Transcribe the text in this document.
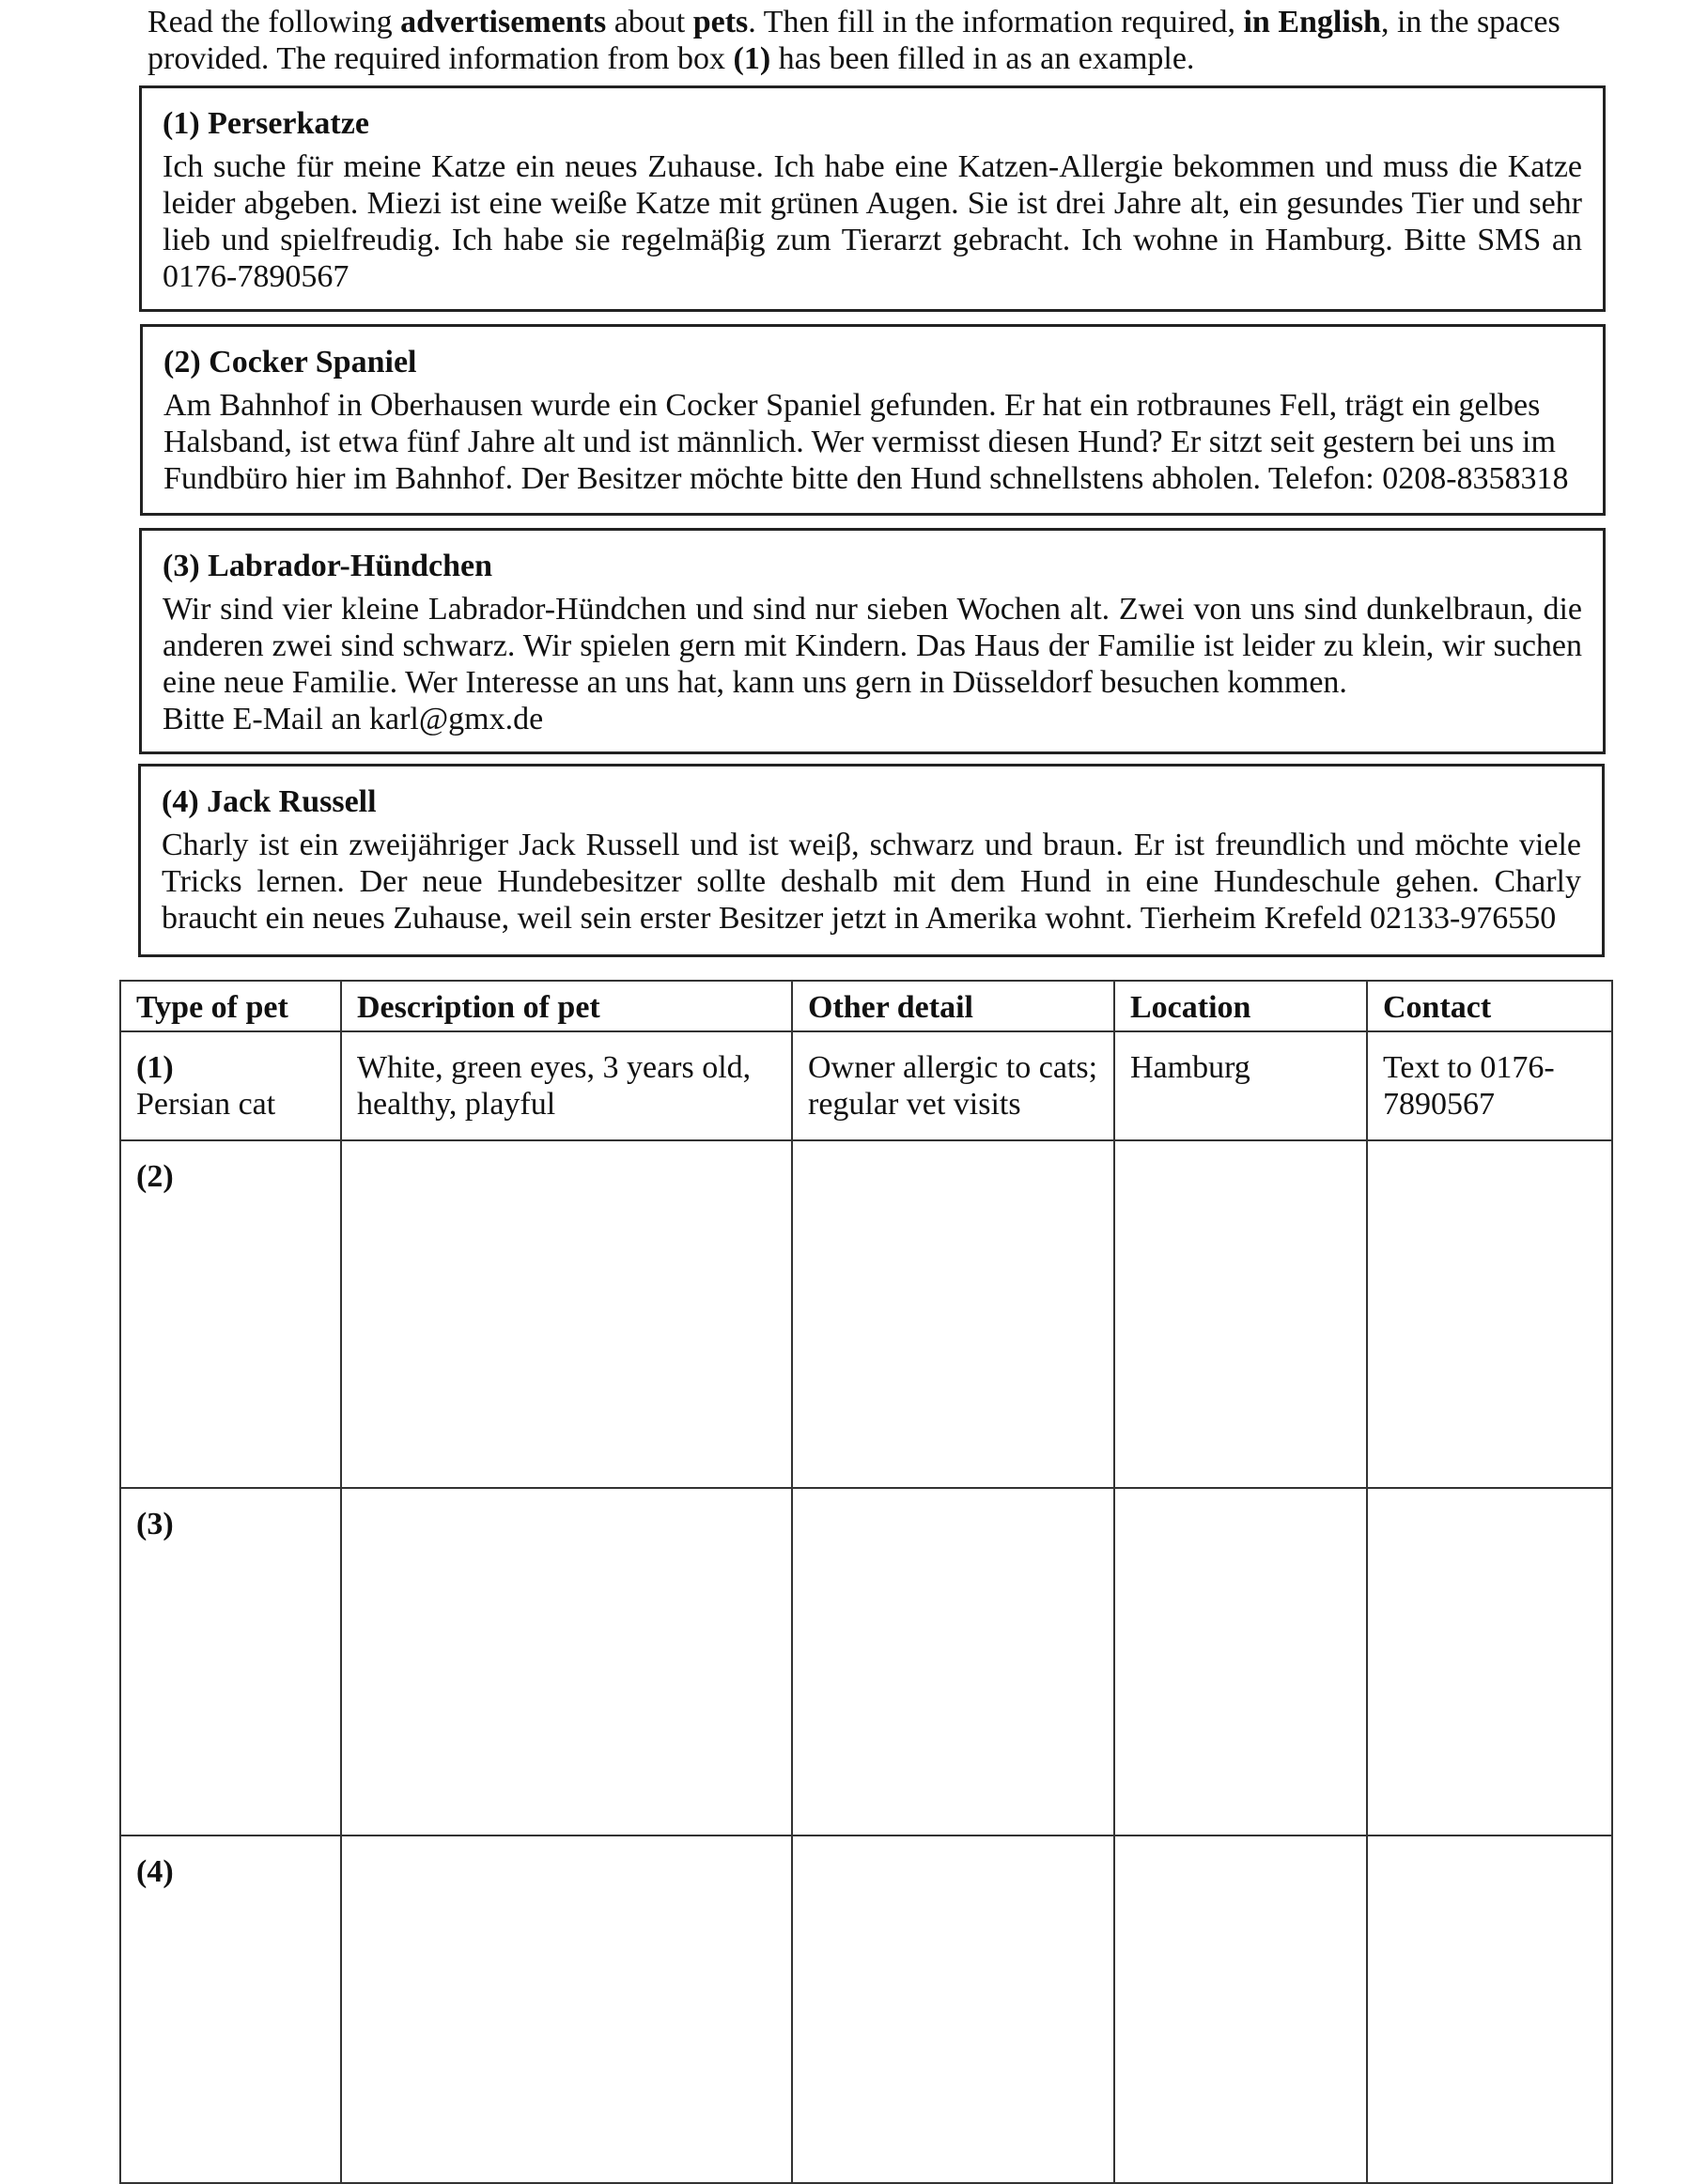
Read the following advertisements about pets. Then fill in the information required, in English, in the spaces provided. The required information from box (1) has been filled in as an example.

(1) Perserkatze

Ich suche für meine Katze ein neues Zuhause. Ich habe eine Katzen-Allergie bekommen und muss die Katze leider abgeben. Miezi ist eine weiße Katze mit grünen Augen. Sie ist drei Jahre alt, ein gesundes Tier und sehr lieb und spielfreudig. Ich habe sie regelmäβig zum Tierarzt gebracht. Ich wohne in Hamburg. Bitte SMS an 0176-7890567

(2) Cocker Spaniel

Am Bahnhof in Oberhausen wurde ein Cocker Spaniel gefunden. Er hat ein rotbraunes Fell, trägt ein gelbes Halsband, ist etwa fünf Jahre alt und ist männlich. Wer vermisst diesen Hund? Er sitzt seit gestern bei uns im Fundbüro hier im Bahnhof. Der Besitzer möchte bitte den Hund schnellstens abholen. Telefon: 0208-8358318

(3) Labrador-Hündchen

Wir sind vier kleine Labrador-Hündchen und sind nur sieben Wochen alt. Zwei von uns sind dunkelbraun, die anderen zwei sind schwarz. Wir spielen gern mit Kindern. Das Haus der Familie ist leider zu klein, wir suchen eine neue Familie. Wer Interesse an uns hat, kann uns gern in Düsseldorf besuchen kommen.

Bitte E-Mail an karl@gmx.de

(4) Jack Russell

Charly ist ein zweijähriger Jack Russell und ist weiβ, schwarz und braun. Er ist freundlich und möchte viele Tricks lernen. Der neue Hundebesitzer sollte deshalb mit dem Hund in eine Hundeschule gehen. Charly braucht ein neues Zuhause, weil sein erster Besitzer jetzt in Amerika wohnt. Tierheim Krefeld 02133-976550

Type of pet	Description of pet	Other detail	Location	Contact

(1)
Persian cat	White, green eyes, 3 years old, healthy, playful	Owner allergic to cats; regular vet visits	Hamburg	Text to 0176-7890567

(2)				

(3)				

(4)				
